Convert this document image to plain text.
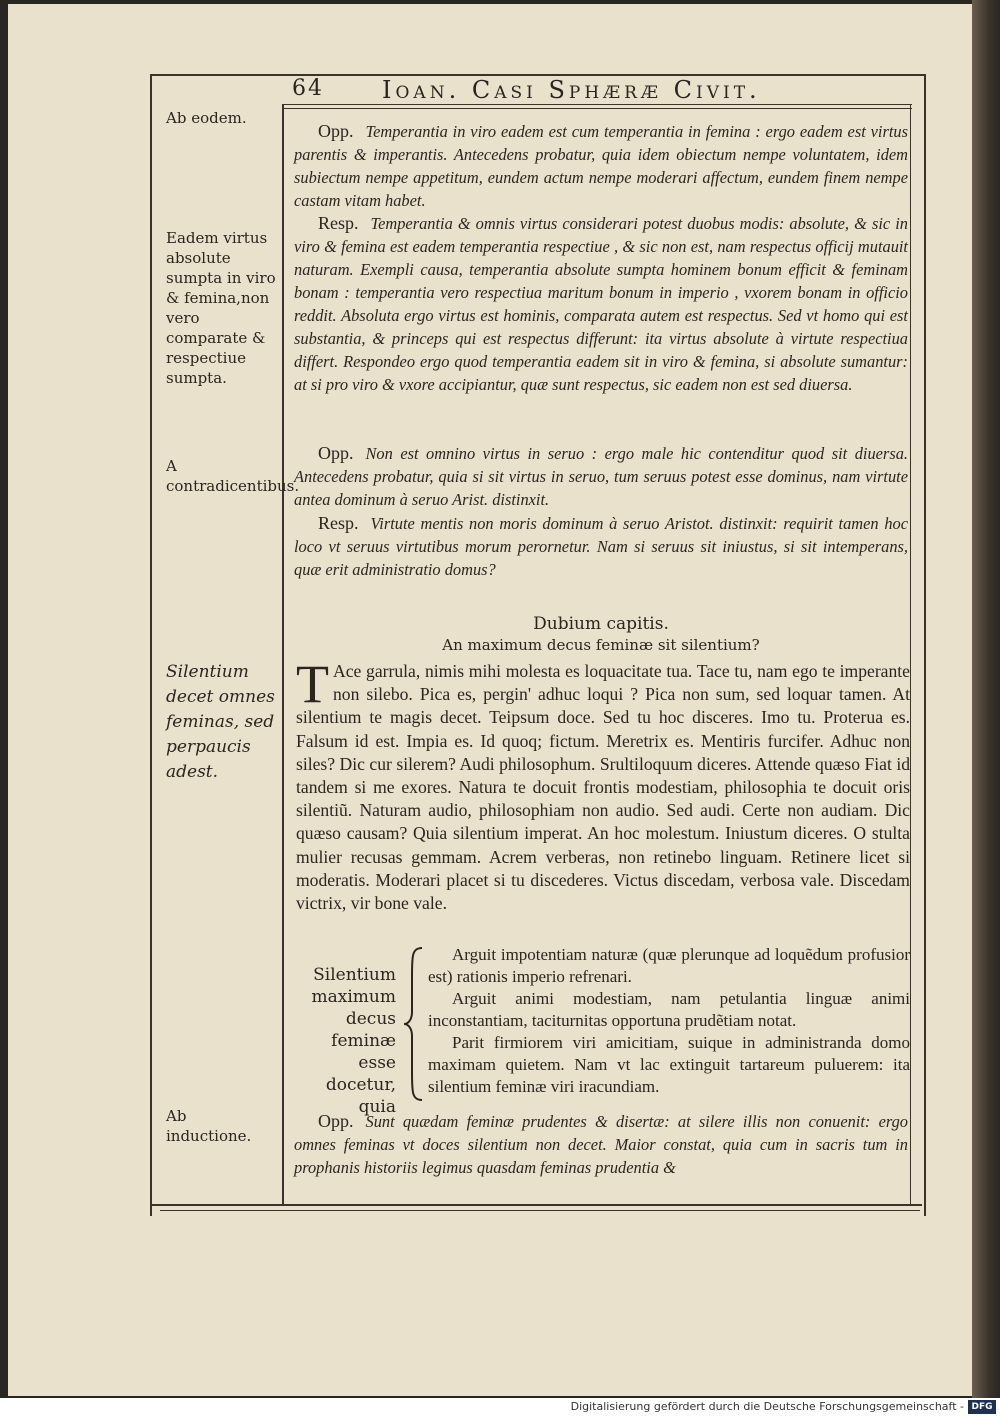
64 Ioan. Casi Sphæræ Civit.
Ab eodem.
Eadem virtus absolute sumpta in viro & femina,non vero comparate & respectiue sumpta.
A contradicentibus.
Silentium decet omnes feminas, sed perpaucis adest.
Ab inductione.

Opp. Temperantia in viro eadem est cum temperantia in femina : ergo eadem est virtus parentis & imperantis. Antecedens probatur, quia idem obiectum nempe voluntatem, idem subiectum nempe appetitum, eundem actum nempe moderari affectum, eundem finem nempe castam vitam habet.

Resp. Temperantia & omnis virtus considerari potest duobus modis: absolute, & sic in viro & femina est eadem temperantia respectiue , & sic non est, nam respectus officij mutauit naturam. Exempli causa, temperantia absolute sumpta hominem bonum efficit & feminam bonam : temperantia vero respectiua maritum bonum in imperio , vxorem bonam in officio reddit. Absoluta ergo virtus est hominis, comparata autem est respectus. Sed vt homo qui est substantia, & princeps qui est respectus differunt: ita virtus absolute à virtute respectiua differt. Respondeo ergo quod temperantia eadem sit in viro & femina, si absolute sumantur: at si pro viro & vxore accipiantur, quæ sunt respectus, sic eadem non est sed diuersa.

Opp. Non est omnino virtus in seruo : ergo male hic contenditur quod sit diuersa. Antecedens probatur, quia si sit virtus in seruo, tum seruus potest esse dominus, nam virtute antea dominum à seruo Arist. distinxit.

Resp. Virtute mentis non moris dominum à seruo Aristot. distinxit: requirit tamen hoc loco vt seruus virtutibus morum perornetur. Nam si seruus sit iniustus, si sit intemperans, quæ erit administratio domus?

Dubium capitis.
An maximum decus feminæ sit silentium?

T Ace garrula, nimis mihi molesta es loquacitate tua. Tace tu, nam ego te imperante non silebo. Pica es, pergin' adhuc loqui ? Pica non sum, sed loquar tamen. At silentium te magis decet. Teipsum doce. Sed tu hoc disceres. Imo tu. Proterua es. Falsum id est. Impia es. Id quoq; fictum. Meretrix es. Mentiris furcifer. Adhuc non siles? Dic cur silerem? Audi philosophum. Srultiloquum diceres. Attende quæso Fiat id tandem si me exores. Natura te docuit frontis modestiam, philosophia te docuit oris silentiũ. Naturam audio, philosophiam non audio. Sed audi. Certe non audiam. Dic quæso causam? Quia silentium imperat. An hoc molestum. Iniustum diceres. O stulta mulier recusas gemmam. Acrem verberas, non retinebo linguam. Retinere licet si moderatis. Moderari placet si tu discederes. Victus discedam, verbosa vale. Discedam victrix, vir bone vale.

Silentium maximum decus feminæ esse docetur, quia
Arguit impotentiam naturæ (quæ plerunque ad loquẽdum profusior est) rationis imperio refrenari.
Arguit animi modestiam, nam petulantia linguæ animi inconstantiam, taciturnitas opportuna prudẽtiam notat.
Parit firmiorem viri amicitiam, suique in administranda domo maximam quietem. Nam vt lac extinguit tartareum puluerem: ita silentium feminæ viri iracundiam.

Opp. Sunt quædam feminæ prudentes & disertæ: at silere illis non conuenit: ergo omnes feminas vt doces silentium non decet. Maior constat, quia cum in sacris tum in prophanis historiis legimus quasdam feminas prudentia &

Digitalisierung gefördert durch die Deutsche Forschungsgemeinschaft - DFG
